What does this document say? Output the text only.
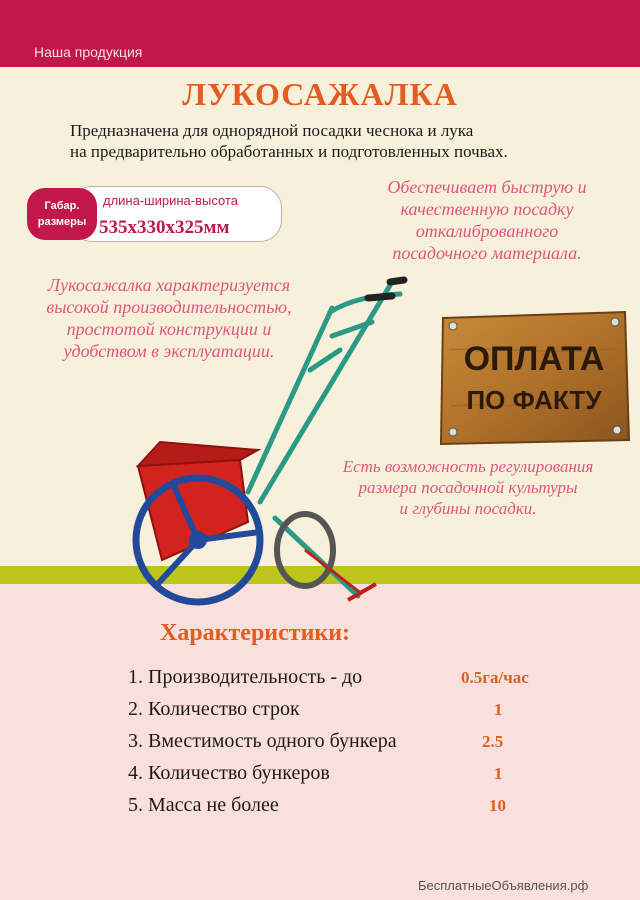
Наша продукция
ЛУКОСАЖАЛКА
Предназначена для однорядной посадки чеснока и лука
на предварительно обработанных и подготовленных почвах.
Габар.
размеры
длина-ширина-высота
535x330x325мм
Обеспечивает быструю и
качественную посадку
откалиброванного
посадочного материала.
Лукосажалка характеризуется
высокой производительностью,
простотой конструкции и
удобством в эксплуатации.	ОПЛАТА
ПО ФАКТУ
Есть возможность регулирования
размера посадочной культуры
и глубины посадки.
Характеристики:
1. Производительность - до	0.5га/час
2. Количество строк	1
3. Вместимость одного бункера	2.5
4. Количество бункеров	1
5. Масса не более	10
БесплатныеОбъявления.рф
